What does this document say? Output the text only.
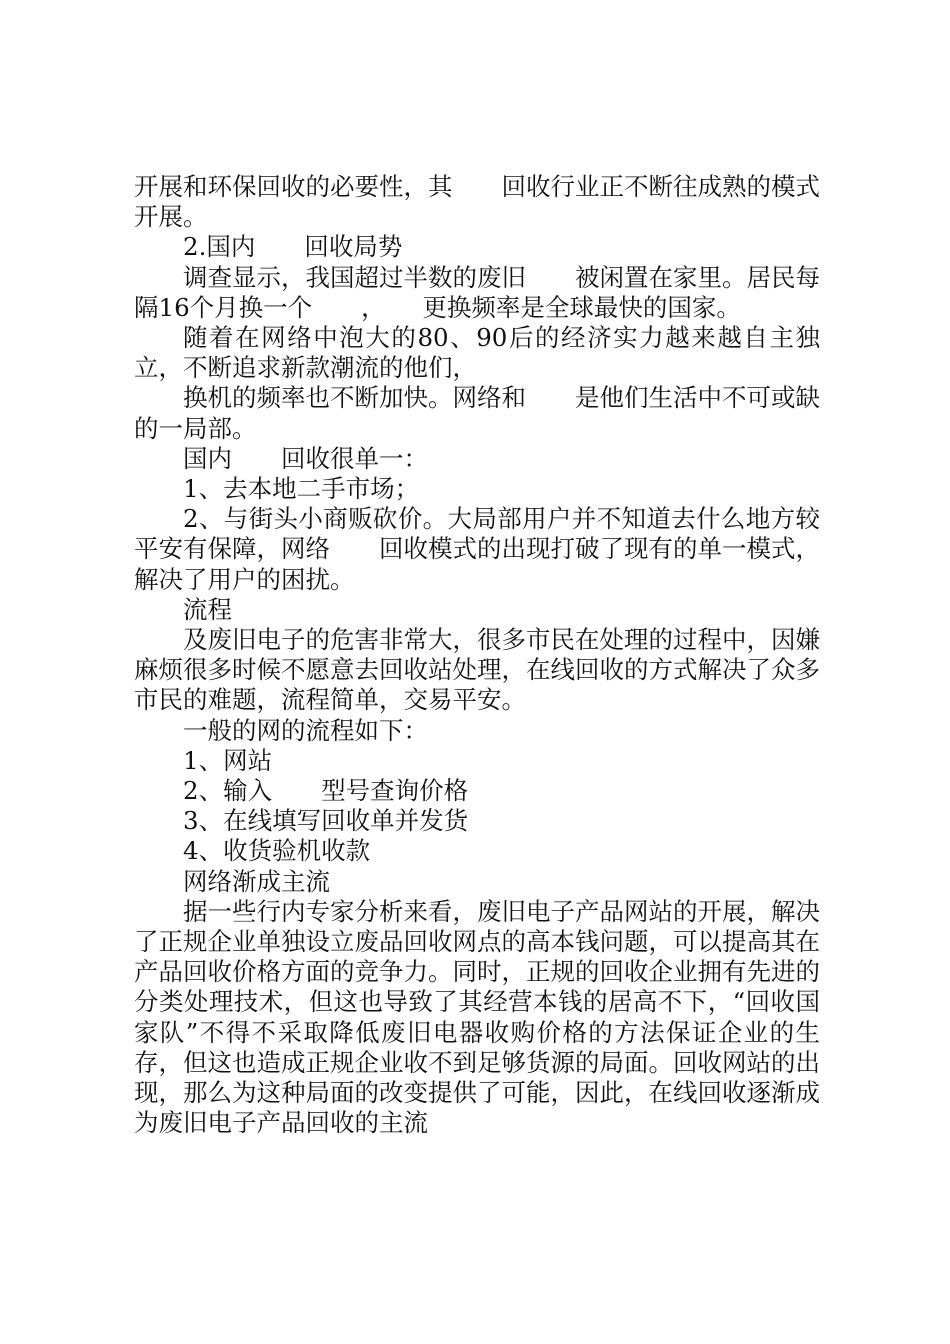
开展和环保回收的必要性，其　　回收行业正不断往成熟的模式开展。

2.国内　　回收局势

调查显示，我国超过半数的废旧　　被闲置在家里。居民每隔16个月换一个　　，　　更换频率是全球最快的国家。

随着在网络中泡大的80、90后的经济实力越来越自主独立，不断追求新款潮流的他们，

换机的频率也不断加快。网络和　　是他们生活中不可或缺的一局部。

国内　　回收很单一：

1、去本地二手市场；

2、与街头小商贩砍价。大局部用户并不知道去什么地方较平安有保障，网络　　回收模式的出现打破了现有的单一模式，解决了用户的困扰。

流程

及废旧电子的危害非常大，很多市民在处理的过程中，因嫌麻烦很多时候不愿意去回收站处理，在线回收的方式解决了众多市民的难题，流程简单，交易平安。

一般的网的流程如下：

1、网站

2、输入　　型号查询价格

3、在线填写回收单并发货

4、收货验机收款

网络渐成主流

据一些行内专家分析来看，废旧电子产品网站的开展，解决了正规企业单独设立废品回收网点的高本钱问题，可以提高其在产品回收价格方面的竞争力。同时，正规的回收企业拥有先进的分类处理技术，但这也导致了其经营本钱的居高不下，“回收国家队”不得不采取降低废旧电器收购价格的方法保证企业的生存，但这也造成正规企业收不到足够货源的局面。回收网站的出现，那么为这种局面的改变提供了可能，因此，在线回收逐渐成为废旧电子产品回收的主流
